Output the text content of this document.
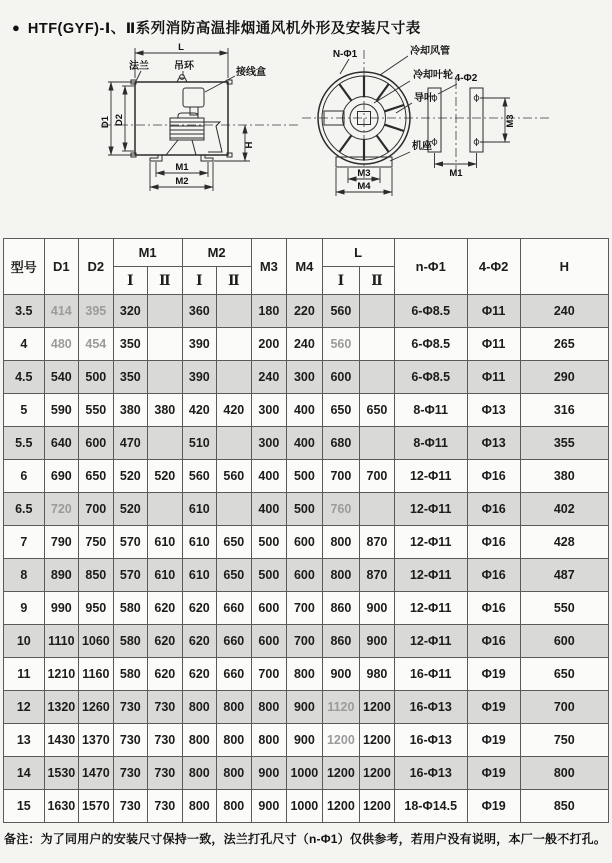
● HTF(GYF)-Ⅰ、Ⅱ系列消防高温排烟通风机外形及安装尺寸表
L
法兰	吊环
接线盒
M1
M2
D1 D2
H
M3
M4
M1
M3
N-Φ1	冷却风管
冷却叶轮 4-Φ2
导叶
机座
型号	D1	D2	M1		M2		M3	M4	L		n-Φ1	4-Φ2	H
			Ⅰ	Ⅱ	Ⅰ	Ⅱ			Ⅰ	Ⅱ			
3.5	414	395	320		360		180	220	560		6-Φ8.5	Φ11	240
4	480	454	350		390		200	240	560		6-Φ8.5	Φ11	265
4.5	540	500	350		390		240	300	600		6-Φ8.5	Φ11	290
5	590	550	380	380	420	420	300	400	650	650	8-Φ11	Φ13	316
5.5	640	600	470		510		300	400	680		8-Φ11	Φ13	355
6	690	650	520	520	560	560	400	500	700	700	12-Φ11	Φ16	380
6.5	720	700	520		610		400	500	760		12-Φ11	Φ16	402
7	790	750	570	610	610	650	500	600	800	870	12-Φ11	Φ16	428
8	890	850	570	610	610	650	500	600	800	870	12-Φ11	Φ16	487
9	990	950	580	620	620	660	600	700	860	900	12-Φ11	Φ16	550
10	1110	1060	580	620	620	660	600	700	860	900	12-Φ11	Φ16	600
11	1210	1160	580	620	620	660	700	800	900	980	16-Φ11	Φ19	650
12	1320	1260	730	730	800	800	800	900	1120	1200	16-Φ13	Φ19	700
13	1430	1370	730	730	800	800	800	900	1200	1200	16-Φ13	Φ19	750
14	1530	1470	730	730	800	800	900	1000	1200	1200	16-Φ13	Φ19	800
15	1630	1570	730	730	800	800	900	1000	1200	1200	18-Φ14.5	Φ19	850
备注：为了同用户的安装尺寸保持一致，法兰打孔尺寸（n-Φ1）仅供参考，若用户没有说明，本厂一般不打孔。
